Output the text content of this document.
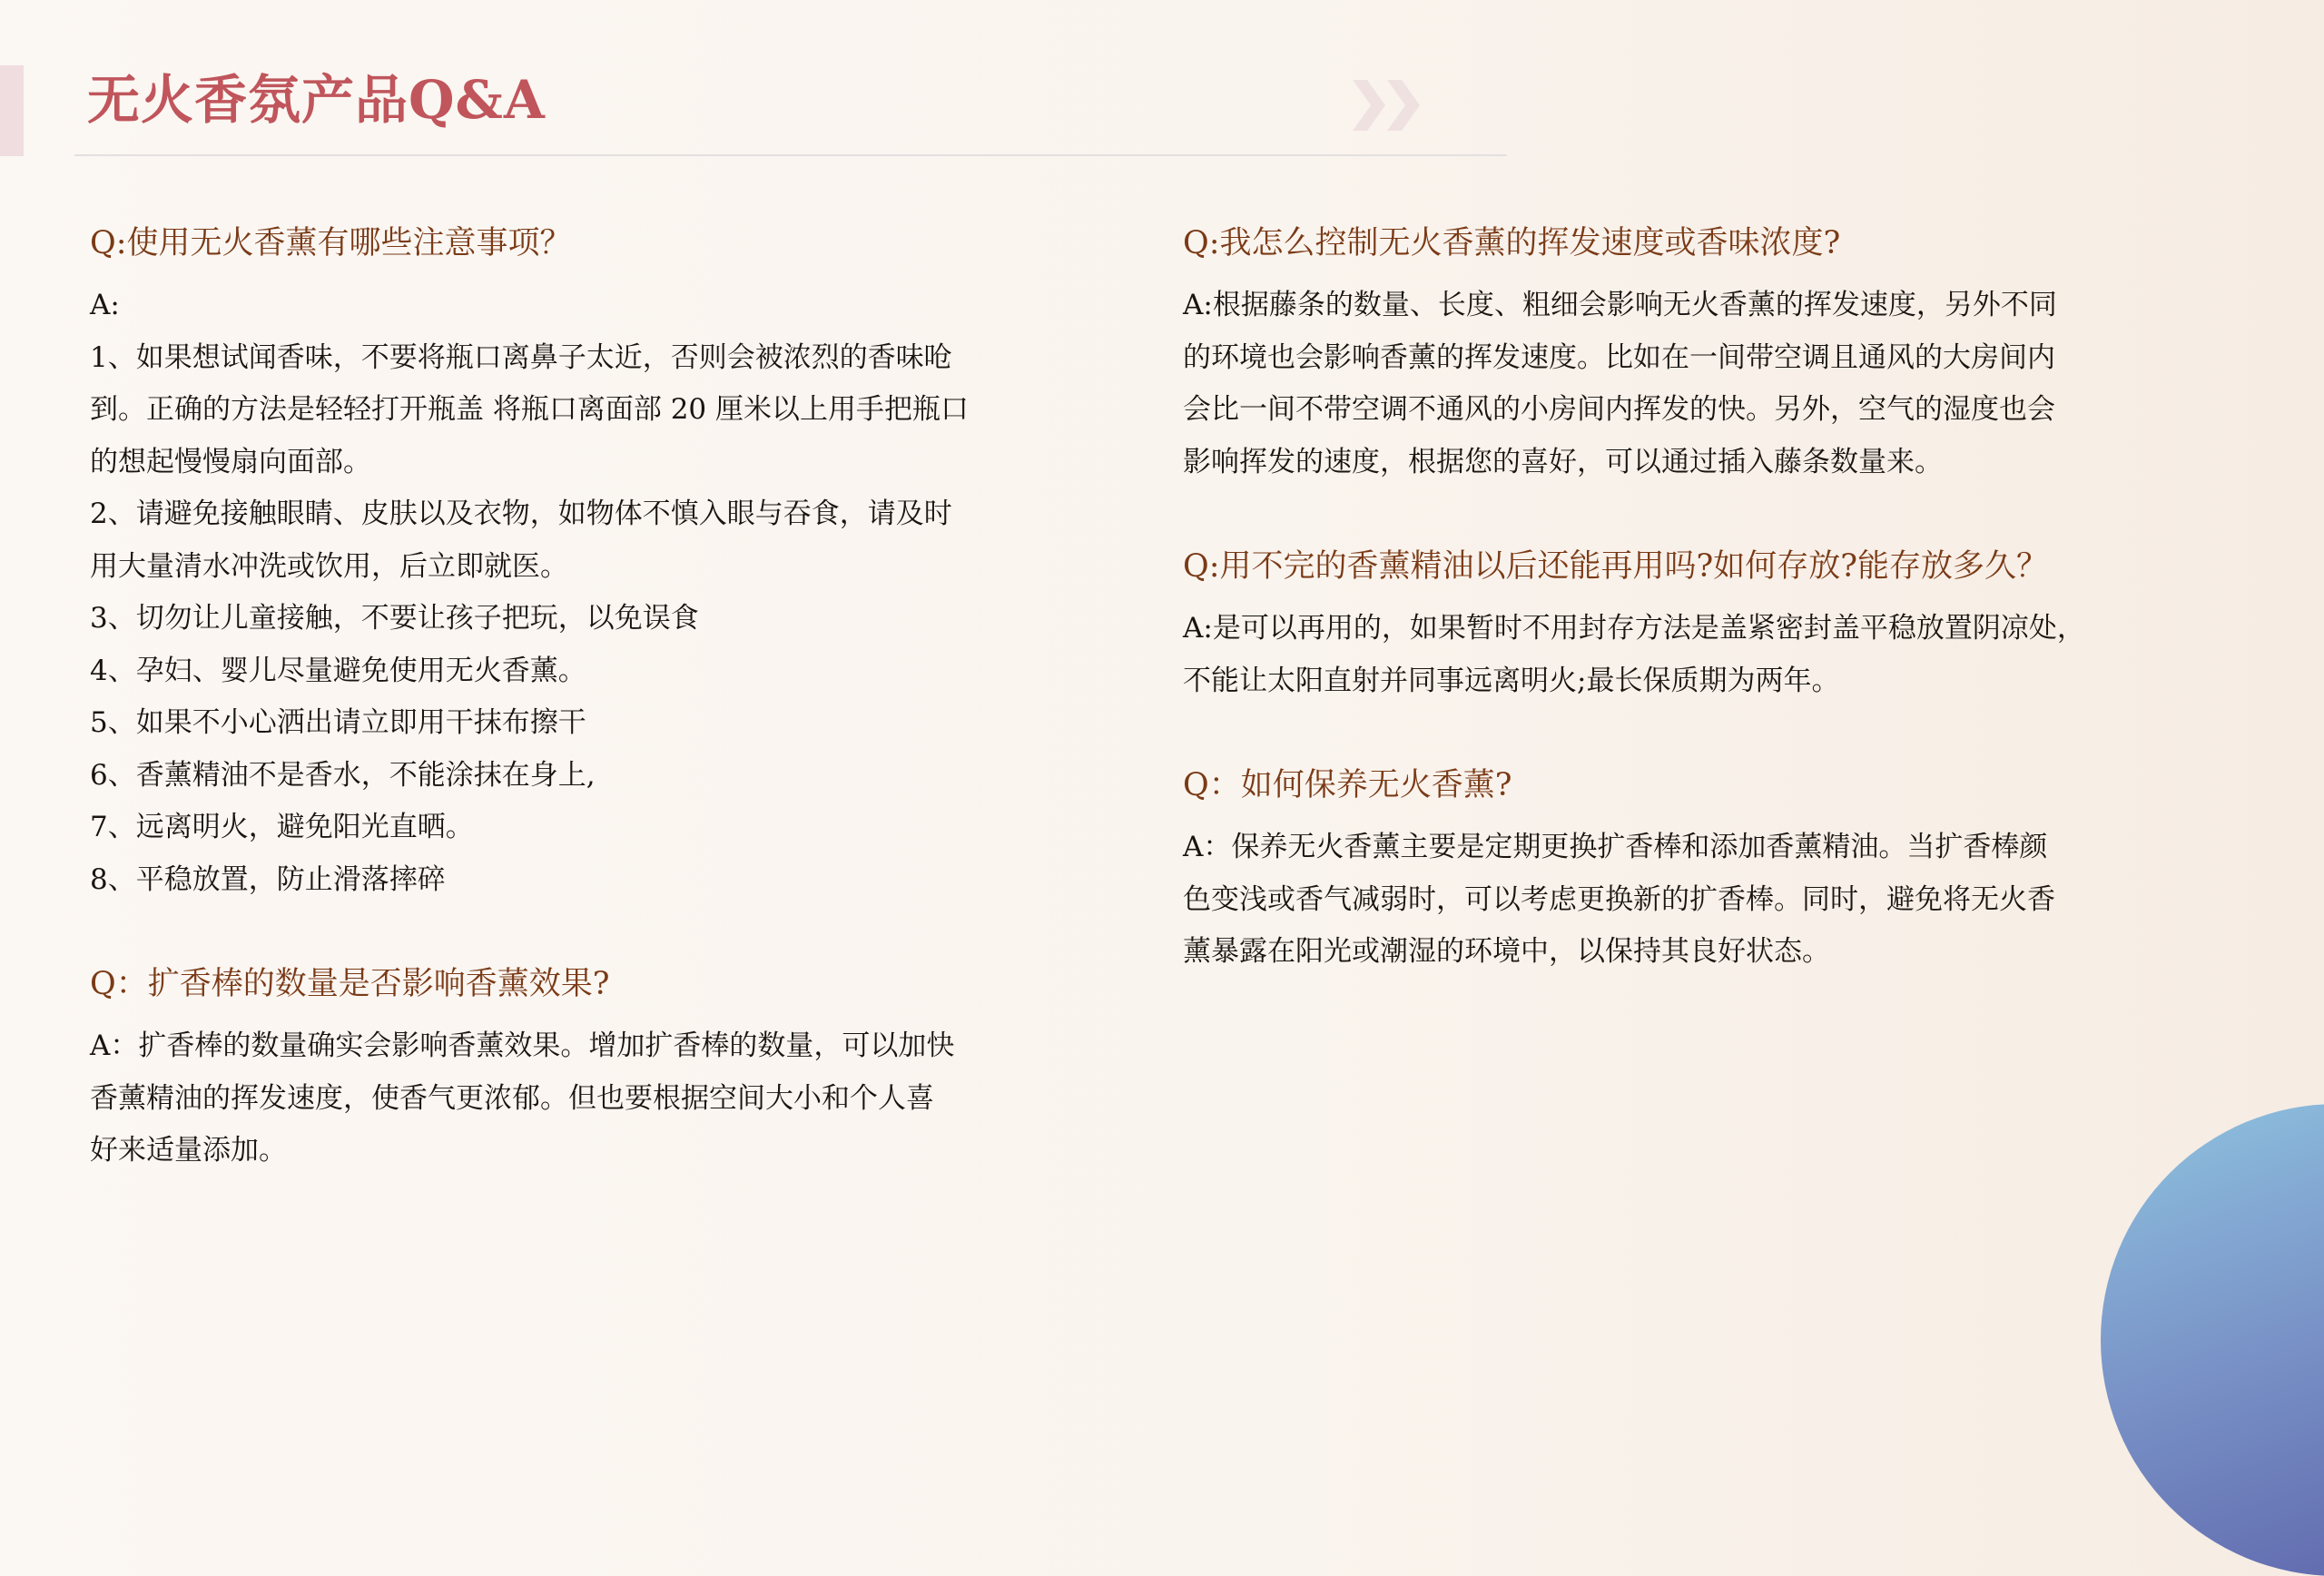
无火香氛产品Q&A
Q:使用无火香薰有哪些注意事项？

A:

1、如果想试闻香味，不要将瓶口离鼻子太近，否则会被浓烈的香味呛

到。正确的方法是轻轻打开瓶盖 将瓶口离面部 20 厘米以上用手把瓶口

的想起慢慢扇向面部。

2、请避免接触眼睛、皮肤以及衣物，如物体不慎入眼与吞食，请及时

用大量清水冲洗或饮用，后立即就医。

3、切勿让儿童接触，不要让孩子把玩，以免误食

4、孕妇、婴儿尽量避免使用无火香薰。

5、如果不小心洒出请立即用干抹布擦干

6、香薰精油不是香水，不能涂抹在身上,

7、远离明火，避免阳光直晒。

8、平稳放置，防止滑落摔碎

Q：扩香棒的数量是否影响香薰效果?

A：扩香棒的数量确实会影响香薰效果。增加扩香棒的数量，可以加快

香薰精油的挥发速度，使香气更浓郁。但也要根据空间大小和个人喜

好来适量添加。

Q:我怎么控制无火香薰的挥发速度或香味浓度?

A:根据藤条的数量、长度、粗细会影响无火香薰的挥发速度，另外不同

的环境也会影响香薰的挥发速度。比如在一间带空调且通风的大房间内

会比一间不带空调不通风的小房间内挥发的快。另外，空气的湿度也会

影响挥发的速度，根据您的喜好，可以通过插入藤条数量来。

Q:用不完的香薰精油以后还能再用吗?如何存放?能存放多久？

A:是可以再用的，如果暂时不用封存方法是盖紧密封盖平稳放置阴凉处，

不能让太阳直射并同事远离明火;最长保质期为两年。

Q：如何保养无火香薰?

A：保养无火香薰主要是定期更换扩香棒和添加香薰精油。当扩香棒颜

色变浅或香气减弱时，可以考虑更换新的扩香棒。同时，避免将无火香

薰暴露在阳光或潮湿的环境中，以保持其良好状态。
